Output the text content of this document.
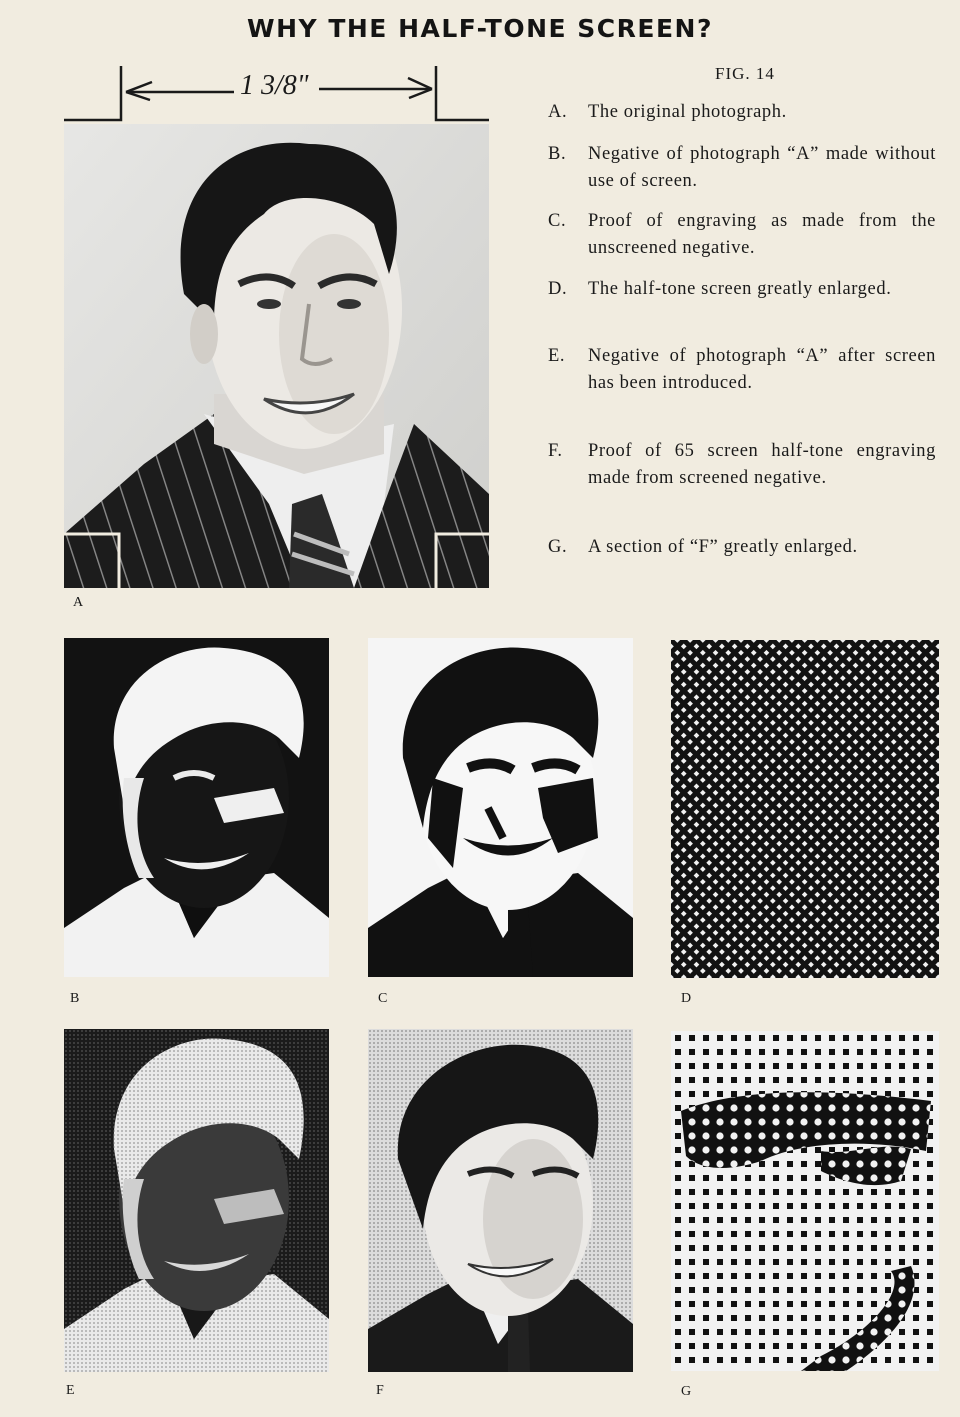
WHY THE HALF-TONE SCREEN?
1 3/8"
A
FIG. 14
A. The original photograph.
B. Negative of photograph “A” made without use of screen.
C. Proof of engraving as made from the unscreened negative.
D. The half-tone screen greatly enlarged.
E. Negative of photograph “A” after screen has been introduced.
F. Proof of 65 screen half-tone engraving made from screened negative.
G. A section of “F” greatly enlarged.
B	C	D
E	F	G
